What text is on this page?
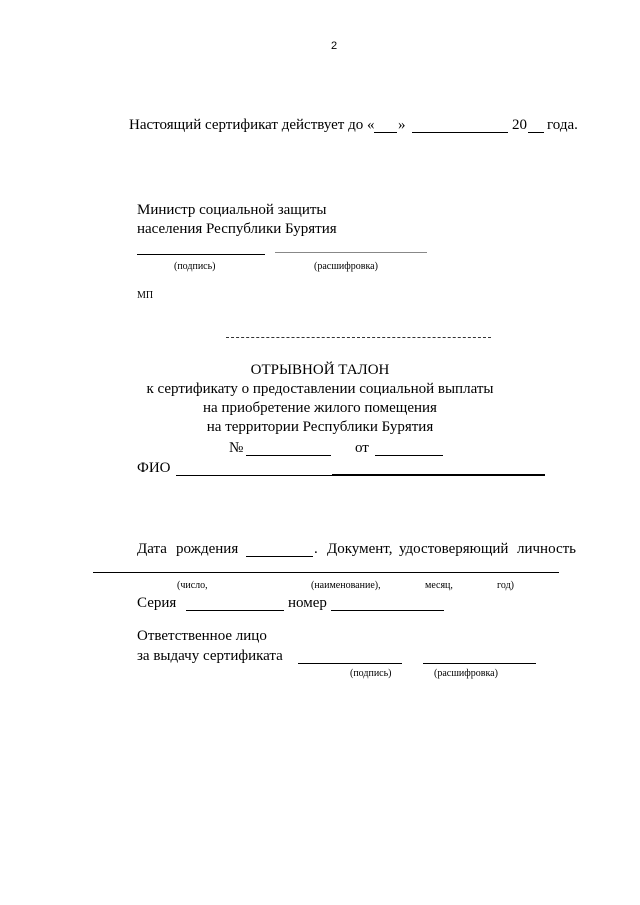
2
Настоящий сертификат действует до « »	20 года.
Министр социальной защиты
населения Республики Бурятия
(подпись)	(расшифровка)
МП
ОТРЫВНОЙ ТАЛОН
к сертификату о предоставлении социальной выплаты
на приобретение жилого помещения
на территории Республики Бурятия
№	от
ФИО
Дата рождения	. Документ, удостоверяющий личность
(число,	(наименование),	месяц,	год)
Серия	номер
Ответственное лицо
за выдачу сертификата
(подпись)	(расшифровка)
